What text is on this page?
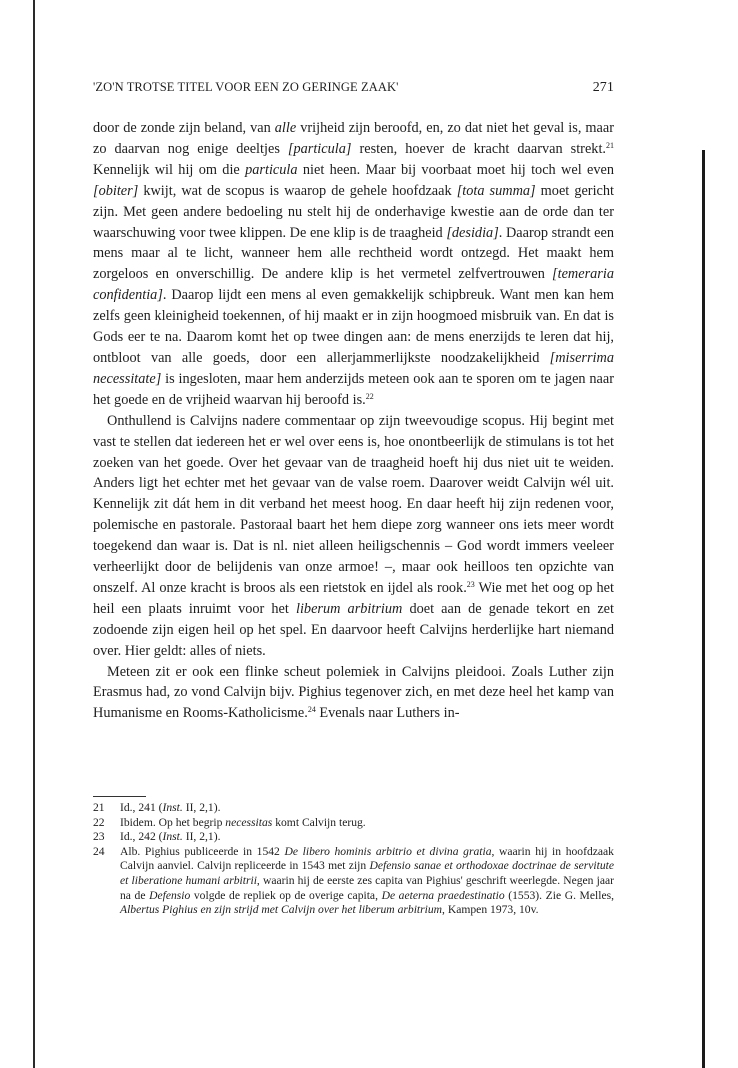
'ZO'N TROTSE TITEL VOOR EEN ZO GERINGE ZAAK'	271

door de zonde zijn beland, van alle vrijheid zijn beroofd, en, zo dat niet het geval is, maar zo daarvan nog enige deeltjes [particula] resten, hoever de kracht daarvan strekt.$^{21}$ Kennelijk wil hij om die particula niet heen. Maar bij voorbaat moet hij toch wel even [obiter] kwijt, wat de scopus is waarop de gehele hoofdzaak [tota summa] moet gericht zijn. Met geen andere bedoeling nu stelt hij de onderhavige kwestie aan de orde dan ter waarschuwing voor twee klippen. De ene klip is de traagheid [desidia]. Daarop strandt een mens maar al te licht, wanneer hem alle rechtheid wordt ontzegd. Het maakt hem zorgeloos en onverschillig. De andere klip is het vermetel zelfvertrouwen [temeraria confidentia]. Daarop lijdt een mens al even gemakkelijk schipbreuk. Want men kan hem zelfs geen kleinigheid toekennen, of hij maakt er in zijn hoogmoed misbruik van. En dat is Gods eer te na. Daarom komt het op twee dingen aan: de mens enerzijds te leren dat hij, ontbloot van alle goeds, door een allerjammerlijkste noodzakelijkheid [miserrima necessitate] is ingesloten, maar hem anderzijds meteen ook aan te sporen om te jagen naar het goede en de vrijheid waarvan hij beroofd is.$^{22}$

Onthullend is Calvijns nadere commentaar op zijn tweevoudige scopus. Hij begint met vast te stellen dat iedereen het er wel over eens is, hoe onontbeerlijk de stimulans is tot het zoeken van het goede. Over het gevaar van de traagheid hoeft hij dus niet uit te weiden. Anders ligt het echter met het gevaar van de valse roem. Daarover weidt Calvijn wél uit. Kennelijk zit dát hem in dit verband het meest hoog. En daar heeft hij zijn redenen voor, polemische en pastorale. Pastoraal baart het hem diepe zorg wanneer ons iets meer wordt toegekend dan waar is. Dat is nl. niet alleen heiligschennis – God wordt immers veeleer verheerlijkt door de belijdenis van onze armoe! –, maar ook heilloos ten opzichte van onszelf. Al onze kracht is broos als een rietstok en ijdel als rook.$^{23}$ Wie met het oog op het heil een plaats inruimt voor het liberum arbitrium doet aan de genade tekort en zet zodoende zijn eigen heil op het spel. En daarvoor heeft Calvijns herderlijke hart niemand over. Hier geldt: alles of niets.

Meteen zit er ook een flinke scheut polemiek in Calvijns pleidooi. Zoals Luther zijn Erasmus had, zo vond Calvijn bijv. Pighius tegenover zich, en met deze heel het kamp van Humanisme en Rooms-Katholicisme.$^{24}$ Evenals naar Luthers in-

21 Id., 241 (Inst. II, 2,1).
22 Ibidem. Op het begrip necessitas komt Calvijn terug.
23 Id., 242 (Inst. II, 2,1).
24 Alb. Pighius publiceerde in 1542 De libero hominis arbitrio et divina gratia, waarin hij in hoofdzaak Calvijn aanviel. Calvijn repliceerde in 1543 met zijn Defensio sanae et orthodoxae doctrinae de servitute et liberatione humani arbitrii, waarin hij de eerste zes capita van Pighius' geschrift weerlegde. Negen jaar na de Defensio volgde de repliek op de overige capita, De aeterna praedestinatio (1553). Zie G. Melles, Albertus Pighius en zijn strijd met Calvijn over het liberum arbitrium, Kampen 1973, 10v.
